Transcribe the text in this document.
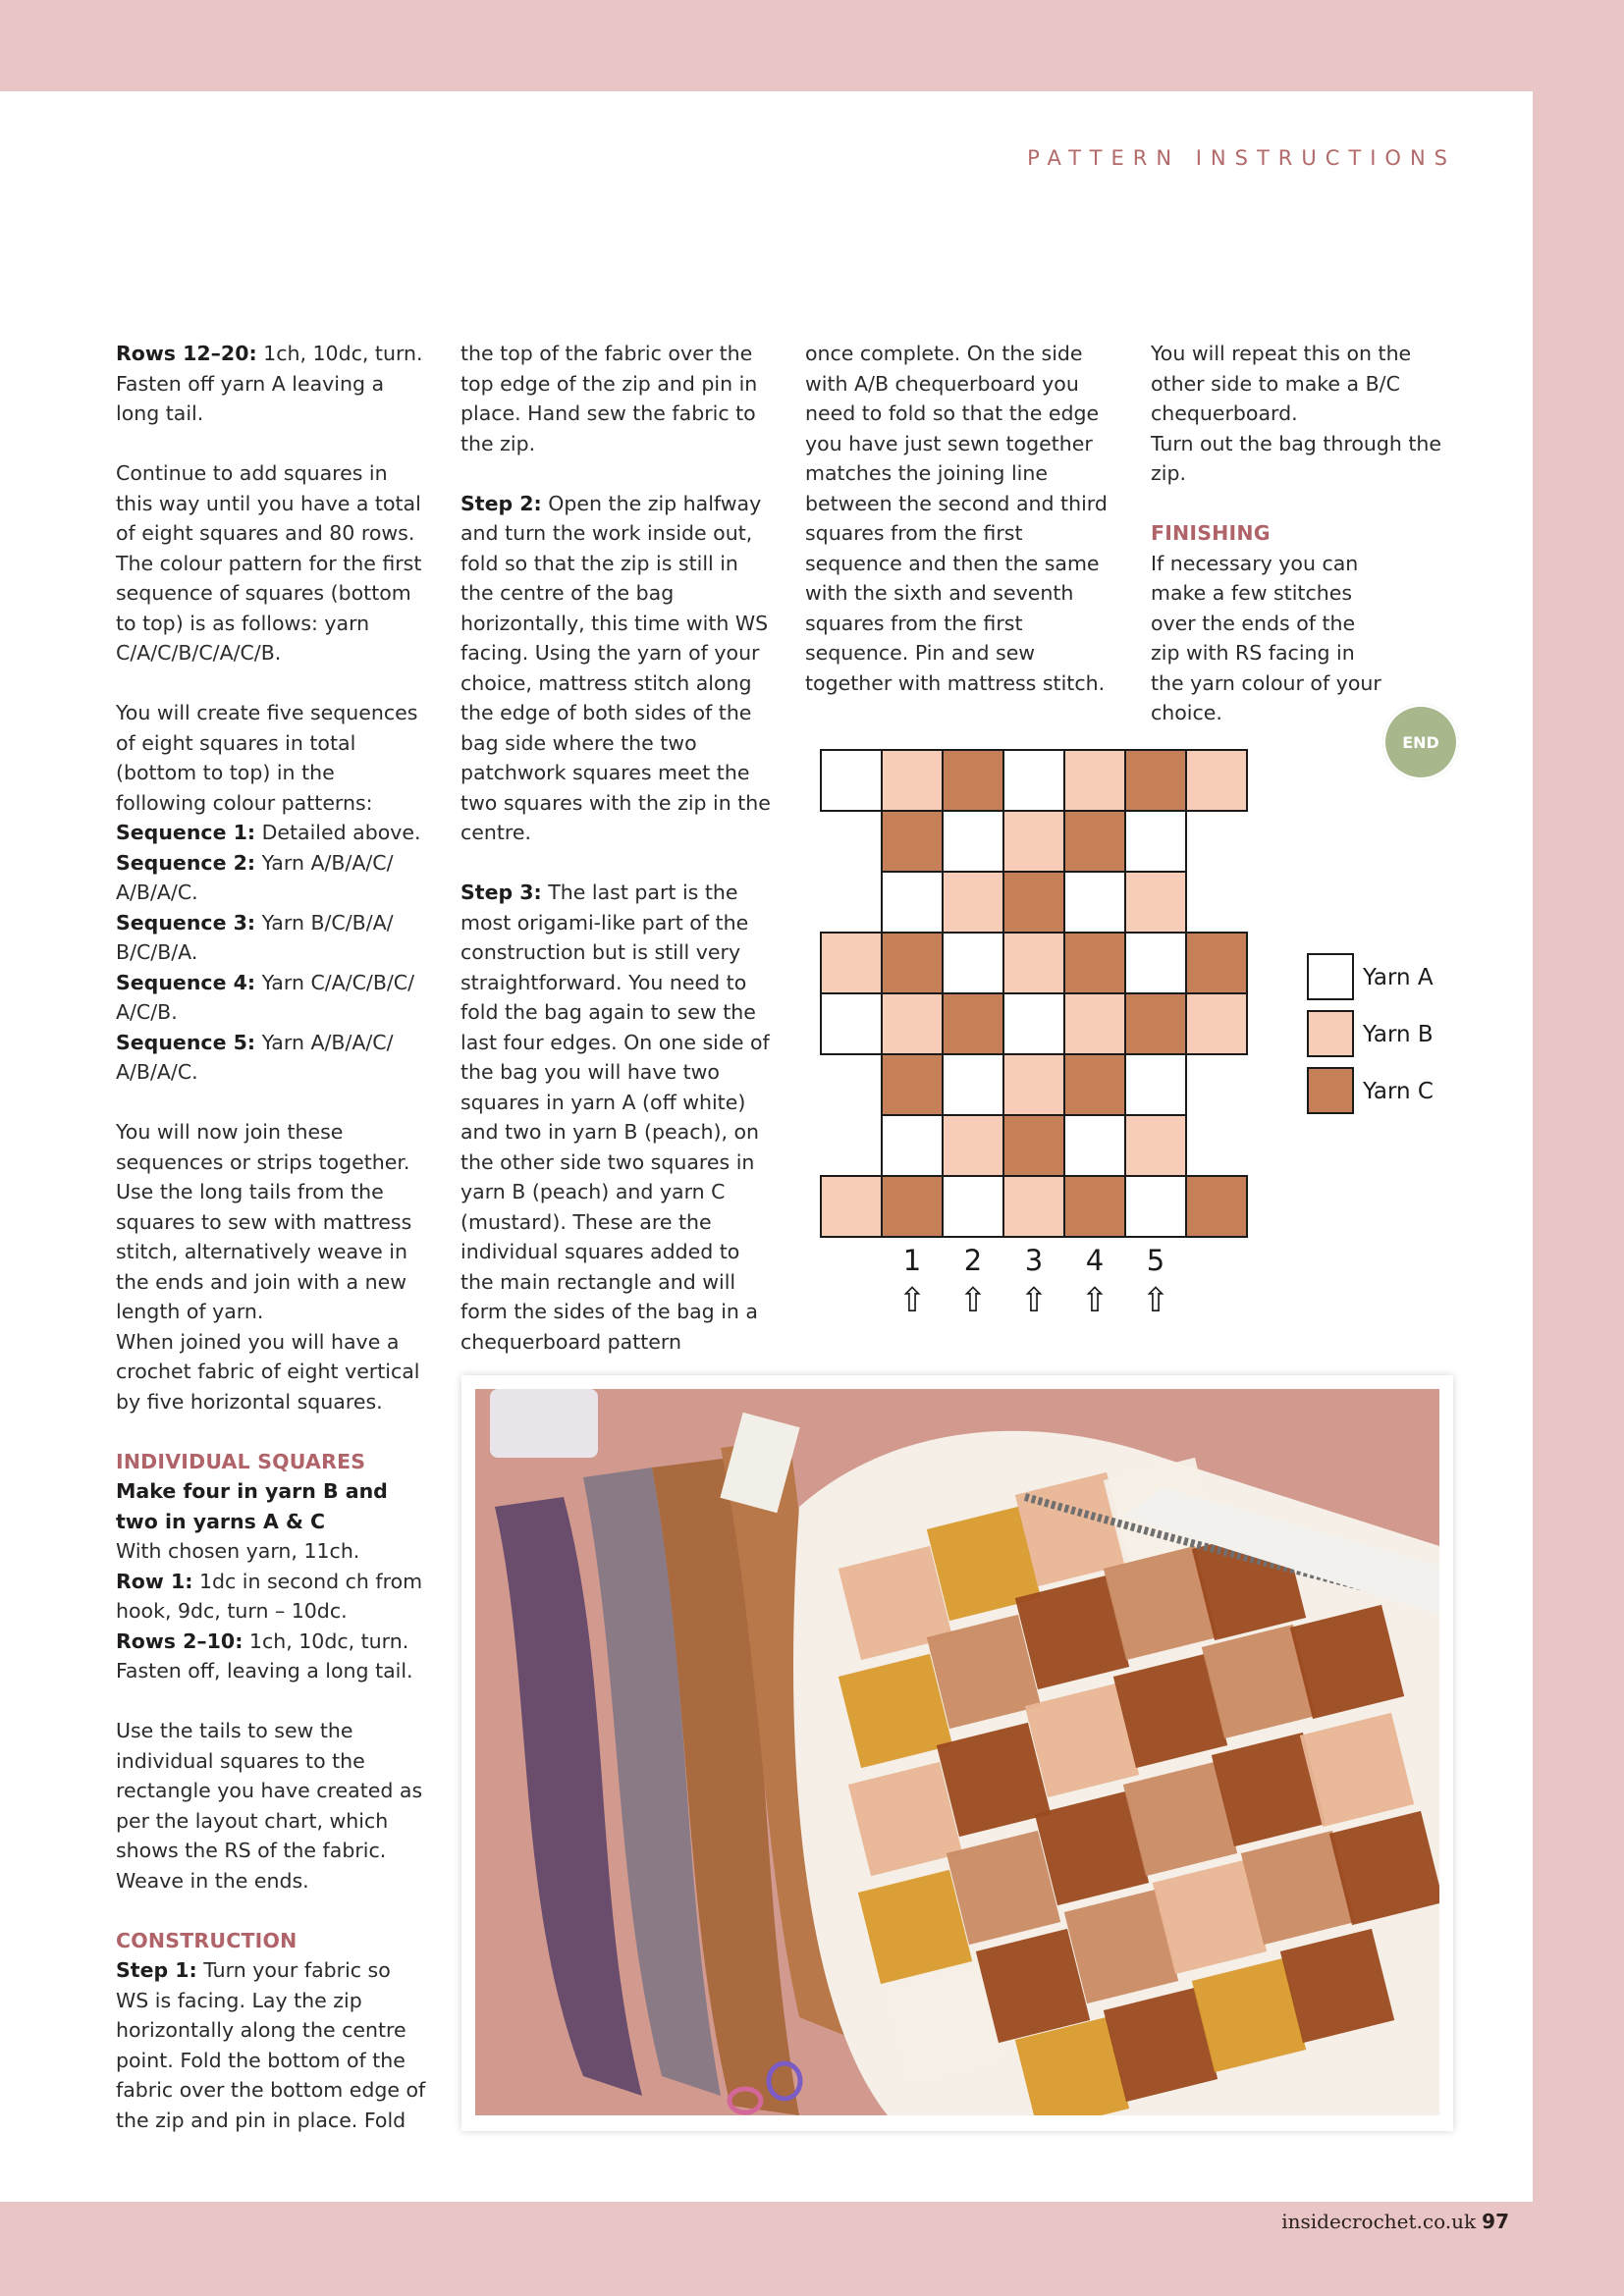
PATTERN INSTRUCTIONS

Rows 12–20: 1ch, 10dc, turn. Fasten off yarn A leaving a long tail.

Continue to add squares in this way until you have a total of eight squares and 80 rows. The colour pattern for the first sequence of squares (bottom to top) is as follows: yarn C/A/C/B/C/A/C/B.

You will create five sequences of eight squares in total (bottom to top) in the following colour patterns:

Sequence 1: Detailed above.
Sequence 2: Yarn A/B/A/C/ A/B/A/C.
Sequence 3: Yarn B/C/B/A/ B/C/B/A.
Sequence 4: Yarn C/A/C/B/C/ A/C/B.

Sequence 5: Yarn A/B/A/C/ A/B/A/C.

You will now join these sequences or strips together. Use the long tails from the squares to sew with mattress stitch, alternatively weave in the ends and join with a new length of yarn.

When joined you will have a crochet fabric of eight vertical by five horizontal squares.

INDIVIDUAL SQUARES
Make four in yarn B and two in yarns A & C
With chosen yarn, 11ch.
Row 1: 1dc in second ch from hook, 9dc, turn – 10dc.

Rows 2–10: 1ch, 10dc, turn. Fasten off, leaving a long tail.

Use the tails to sew the individual squares to the rectangle you have created as per the layout chart, which shows the RS of the fabric. Weave in the ends.

CONSTRUCTION
Step 1: Turn your fabric so WS is facing. Lay the zip horizontally along the centre point. Fold the bottom of the fabric over the bottom edge of the zip and pin in place. Fold

the top of the fabric over the top edge of the zip and pin in place. Hand sew the fabric to the zip.

Step 2: Open the zip halfway and turn the work inside out, fold so that the zip is still in the centre of the bag horizontally, this time with WS facing. Using the yarn of your choice, mattress stitch along the edge of both sides of the bag side where the two patchwork squares meet the two squares with the zip in the centre.

Step 3: The last part is the most origami-like part of the construction but is still very straightforward. You need to fold the bag again to sew the last four edges. On one side of the bag you will have two squares in yarn A (off white) and two in yarn B (peach), on the other side two squares in yarn B (peach) and yarn C (mustard). These are the individual squares added to the main rectangle and will form the sides of the bag in a chequerboard pattern
once complete. On the side with A/B chequerboard you need to fold so that the edge you have just sewn together matches the joining line between the second and third squares from the first sequence and then the same with the sixth and seventh squares from the first sequence. Pin and sew together with mattress stitch.
You will repeat this on the other side to make a B/C chequerboard.

Turn out the bag through the zip.

FINISHING
If necessary you can make a few stitches over the ends of the zip with RS facing in the yarn colour of your choice.
END
1
⇧
2
⇧
3
⇧
4
⇧
5
⇧
Yarn A
Yarn B
Yarn C
insidecrochet.co.uk 97
